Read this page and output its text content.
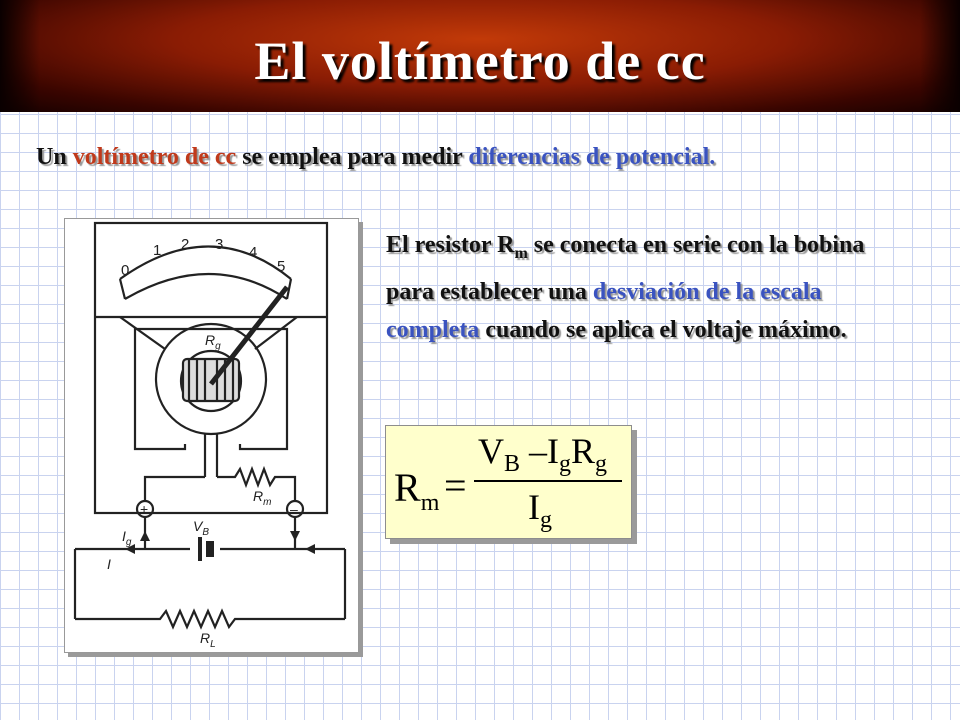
El voltímetro de cc
Un voltímetro de cc se emplea para medir diferencias de potencial.
0
1 2 3 4
5
$R_g$
$R_m$
$I_g$
$V_B$
I
$R_L$
+	–
El resistor $R_m$ se conecta en serie con la bobina para establecer una desviación de la escala completa cuando se aplica el voltaje máximo.
$R_m$ =
$V_B$ $-I_gR_g$
$I_g$
